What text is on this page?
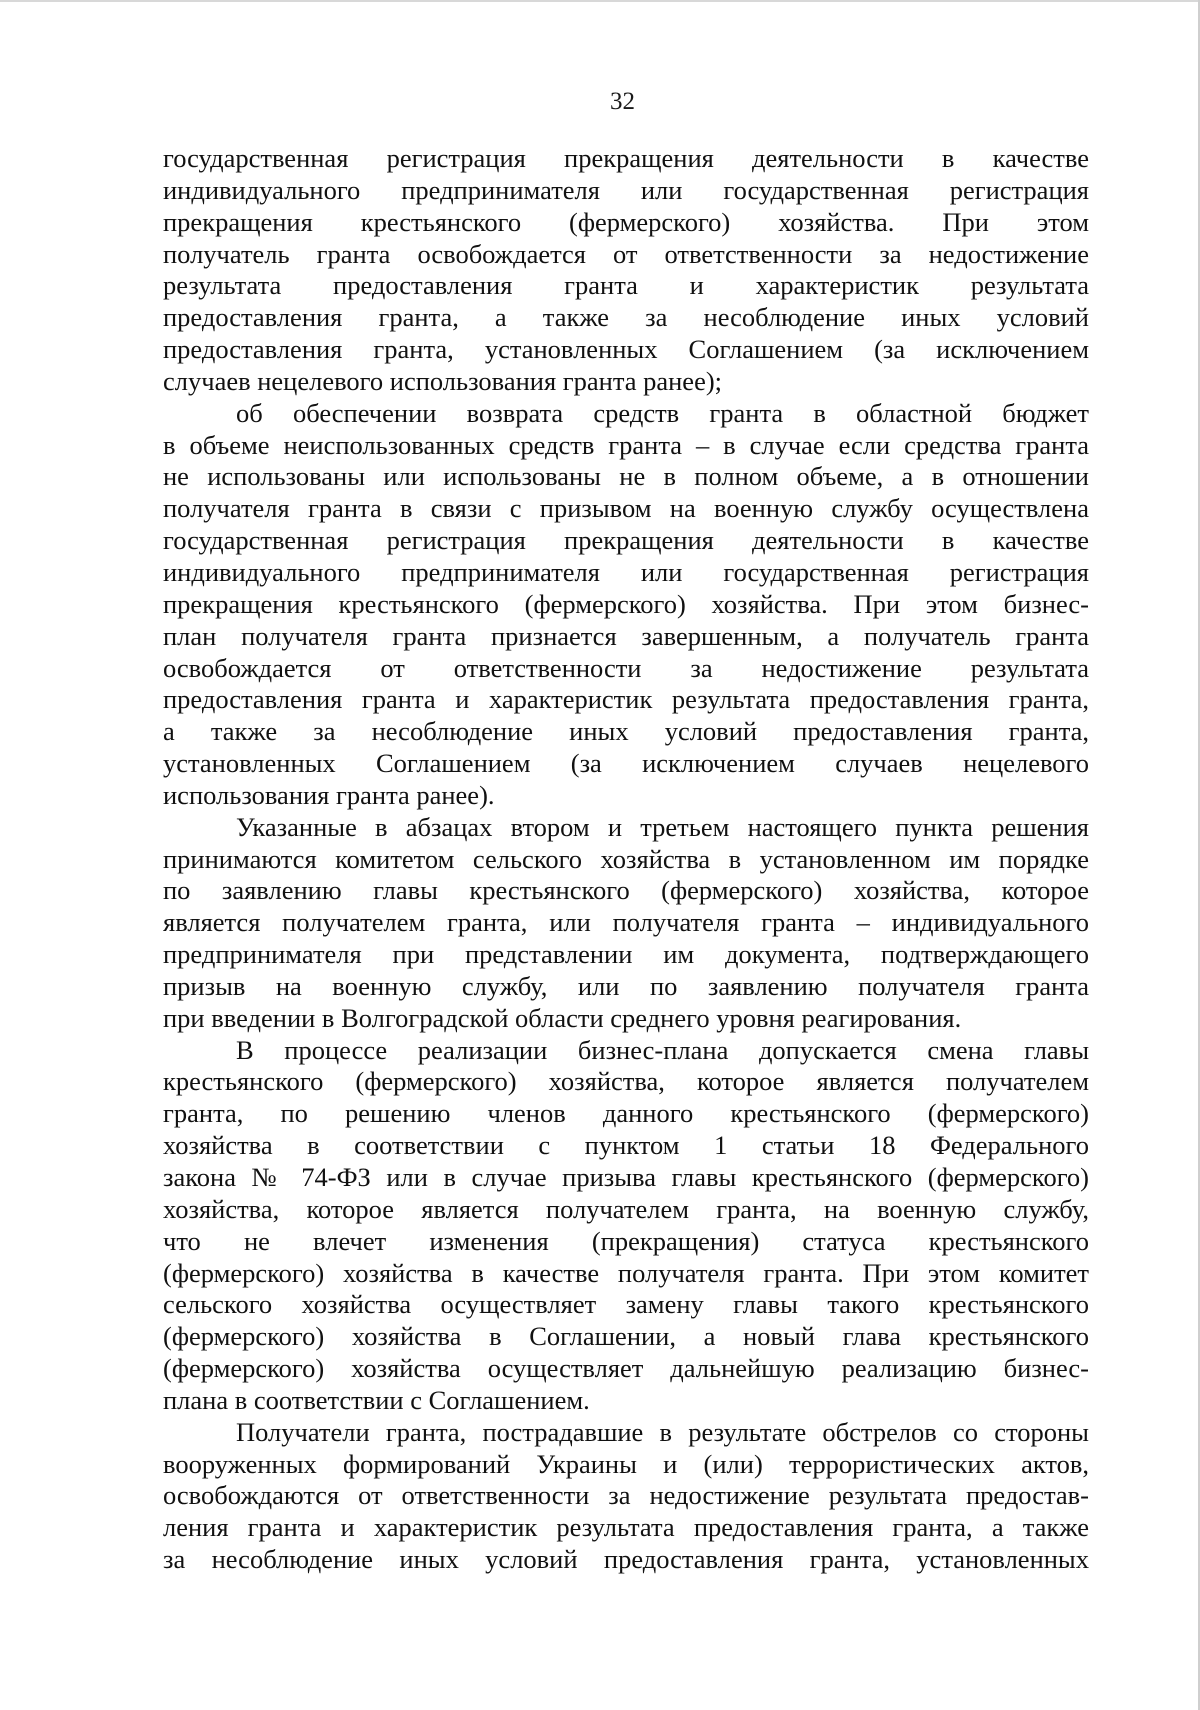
32
государственная регистрация прекращения деятельности в качестве
индивидуального предпринимателя или государственная регистрация
прекращения крестьянского (фермерского) хозяйства. При этом
получатель гранта освобождается от ответственности за недостижение
результата предоставления гранта и характеристик результата
предоставления гранта, а также за несоблюдение иных условий
предоставления гранта, установленных Соглашением (за исключением
случаев нецелевого использования гранта ранее);
об обеспечении возврата средств гранта в областной бюджет
в объеме неиспользованных средств гранта – в случае если средства гранта
не использованы или использованы не в полном объеме, а в отношении
получателя гранта в связи с призывом на военную службу осуществлена
государственная регистрация прекращения деятельности в качестве
индивидуального предпринимателя или государственная регистрация
прекращения крестьянского (фермерского) хозяйства. При этом бизнес-
план получателя гранта признается завершенным, а получатель гранта
освобождается от ответственности за недостижение результата
предоставления гранта и характеристик результата предоставления гранта,
а также за несоблюдение иных условий предоставления гранта,
установленных Соглашением (за исключением случаев нецелевого
использования гранта ранее).
Указанные в абзацах втором и третьем настоящего пункта решения
принимаются комитетом сельского хозяйства в установленном им порядке
по заявлению главы крестьянского (фермерского) хозяйства, которое
является получателем гранта, или получателя гранта – индивидуального
предпринимателя при представлении им документа, подтверждающего
призыв на военную службу, или по заявлению получателя гранта
при введении в Волгоградской области среднего уровня реагирования.
В процессе реализации бизнес-плана допускается смена главы
крестьянского (фермерского) хозяйства, которое является получателем
гранта, по решению членов данного крестьянского (фермерского)
хозяйства в соответствии с пунктом 1 статьи 18 Федерального
закона № 74-ФЗ или в случае призыва главы крестьянского (фермерского)
хозяйства, которое является получателем гранта, на военную службу,
что не влечет изменения (прекращения) статуса крестьянского
(фермерского) хозяйства в качестве получателя гранта. При этом комитет
сельского хозяйства осуществляет замену главы такого крестьянского
(фермерского) хозяйства в Соглашении, а новый глава крестьянского
(фермерского) хозяйства осуществляет дальнейшую реализацию бизнес-
плана в соответствии с Соглашением.
Получатели гранта, пострадавшие в результате обстрелов со стороны
вооруженных формирований Украины и (или) террористических актов,
освобождаются от ответственности за недостижение результата предостав-
ления гранта и характеристик результата предоставления гранта, а также
за несоблюдение иных условий предоставления гранта, установленных
